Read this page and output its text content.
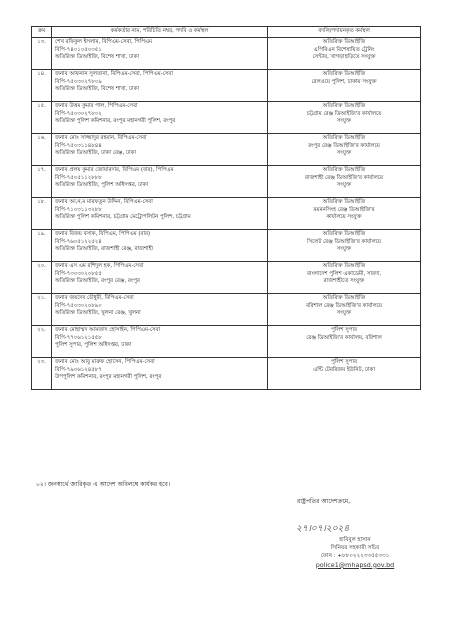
ক্রম	কর্মকর্তার নাম, পরিচিতি নম্বর, পদবি ও কর্মস্থল	বদলি/পদায়নকৃত কর্মস্থল
১৩.	শেখ রফিকুল ইসলাম, বিপিএম-সেবা, পিপিএম
বিপি-৭৪০১০৫০৩৫১
অতিরিক্ত ডিআইজি, বিশেষ শাখা, ঢাকা	অতিরিক্ত ডিআইজি
এপিবিএন বিশেষায়িত ট্রেনিং
সেন্টার, খাগড়াছড়িতে সংযুক্ত

১৪.	জনাব আফনান সুলতানা, বিপিএম-সেবা, পিপিএম-সেবা
বিপি-৭৫০৩০২৭৮০৯
অতিরিক্ত ডিআইজি, বিশেষ শাখা, ঢাকা	অতিরিক্ত ডিআইজি
রেলওয়ে পুলিশ, ঢাকায় সংযুক্ত

১৫.	জনাব উত্তম কুমার পাল, পিপিএম-সেবা
বিপি-৭৫০৩০২৭৮০২
অতিরিক্ত পুলিশ কমিশনার, রংপুর মহানগরী পুলিশ, রংপুর	অতিরিক্ত ডিআইজি
চট্টগ্রাম রেঞ্জ ডিআইজি'র কার্যালয়ে
সংযুক্ত

১৬.	জনাব মোঃ সাজ্জাদুর রহমান, বিপিএম-সেবা
বিপি-৭৫০৩১১৪৮৪৪
অতিরিক্ত ডিআইজি, ঢাকা রেঞ্জ, ঢাকা	অতিরিক্ত ডিআইজি
রংপুর রেঞ্জ ডিআইজি'র কার্যালয়ে
সংযুক্ত

১৭.	জনাব প্রলয় কুমার জোয়ারদার, বিপিএম (বার), পিপিএম
বিপি-৭৫০৫১১২৮৮৮
অতিরিক্ত ডিআইজি, পুলিশ অধিদপ্তর, ঢাকা	অতিরিক্ত ডিআইজি
রাজশাহী রেঞ্জ ডিআইজি'র কার্যালয়ে
সংযুক্ত

১৮.	জনাব আ,ন,ম মারফতুন উদ্দিন, বিপিএম-সেবা
বিপি-৭১০৩১১৩২৮৮
অতিরিক্ত পুলিশ কমিশনার, চট্টগ্রাম মেট্রোপলিটন পুলিশ, চট্টগ্রাম	অতিরিক্ত ডিআইজি
ময়মনসিংহ রেঞ্জ ডিআইজি'র
কার্যালয়ে সংযুক্ত

১৯.	জনাব বিজয় বসাক, বিপিএম, পিপিএম (বার)
বিপি-৭৬০৫১২২৫২৪
অতিরিক্ত ডিআইজি, রাজশাহী রেঞ্জ, রাজশাহী	অতিরিক্ত ডিআইজি
সিলেট রেঞ্জ ডিআইজি'র কার্যালয়ে
সংযুক্ত

২০.	জনাব এস এম রশিদুল হক, পিপিএম-সেবা
বিপি-৭৩০৩০২০৮৫৫
অতিরিক্ত ডিআইজি, রংপুর রেঞ্জ, রংপুর	অতিরিক্ত ডিআইজি
বাংলাদেশ পুলিশ একাডেমী, সারদা,
রাজশাহীতে সংযুক্ত

২১.	জনাব জয়দেব চৌধুরী, বিপিএম-সেবা
বিপি-৭৫০৩০২০৮৯০
অতিরিক্ত ডিআইজি, খুলনা রেঞ্জ, খুলনা	অতিরিক্ত ডিআইজি
বরিশাল রেঞ্জ ডিআইজি'র কার্যালয়ে
সংযুক্ত

২২.	জনাব মোহাম্মদ আমজাদ হোসাইন, পিপিএম-সেবা
বিপি-৭৭০৬১২১৫৫৮
পুলিশ সুপার, পুলিশ অধিদপ্তর, ঢাকা	পুলিশ সুপার
রেঞ্জ ডিআইজি'র কার্যালয়, বরিশাল

২৩.	জনাব মোঃ আবু মারুফ হোসেন, পিপিএম-সেবা
বিপি-৭৯০৬১২৪৫৮৭
উপপুলিশ কমিশনার, রংপুর মহানগরী পুলিশ, রংপুর	পুলিশ সুপার
এন্টি টেররিজম ইউনিট, ঢাকা
০২। জনস্বার্থে জারিকৃত এ আদেশ অবিলম্বে কার্যকর হবে।
রাষ্ট্রপতির আদেশক্রমে,
২৭।০৭।২০২৪
হাবিবুল হাসান
সিনিয়র সহকারী সচিব
ফোন : +৮৮০২২২৩৩৫৫৩৩১
police1@mhapsd.gov.bd
